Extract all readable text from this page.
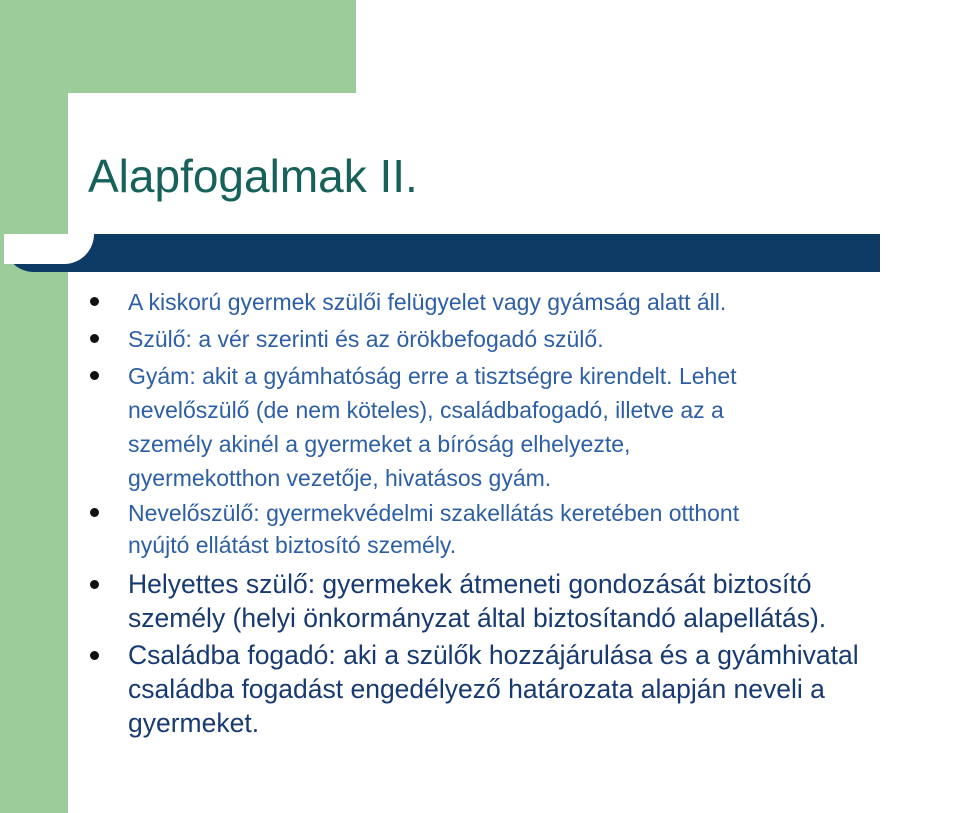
Alapfogalmak II.
A kiskorú gyermek szülői felügyelet vagy gyámság alatt áll.
Szülő: a vér szerinti és az örökbefogadó szülő.
Gyám: akit a gyámhatóság erre a tisztségre kirendelt. Lehet
nevelőszülő (de nem köteles), családbafogadó, illetve az a
személy akinél a gyermeket a bíróság elhelyezte,
gyermekotthon vezetője, hivatásos gyám.
Nevelőszülő: gyermekvédelmi szakellátás keretében otthont
nyújtó ellátást biztosító személy.
Helyettes szülő: gyermekek átmeneti gondozását biztosító
személy (helyi önkormányzat által biztosítandó alapellátás).
Családba fogadó: aki a szülők hozzájárulása és a gyámhivatal
családba fogadást engedélyező határozata alapján neveli a
gyermeket.
